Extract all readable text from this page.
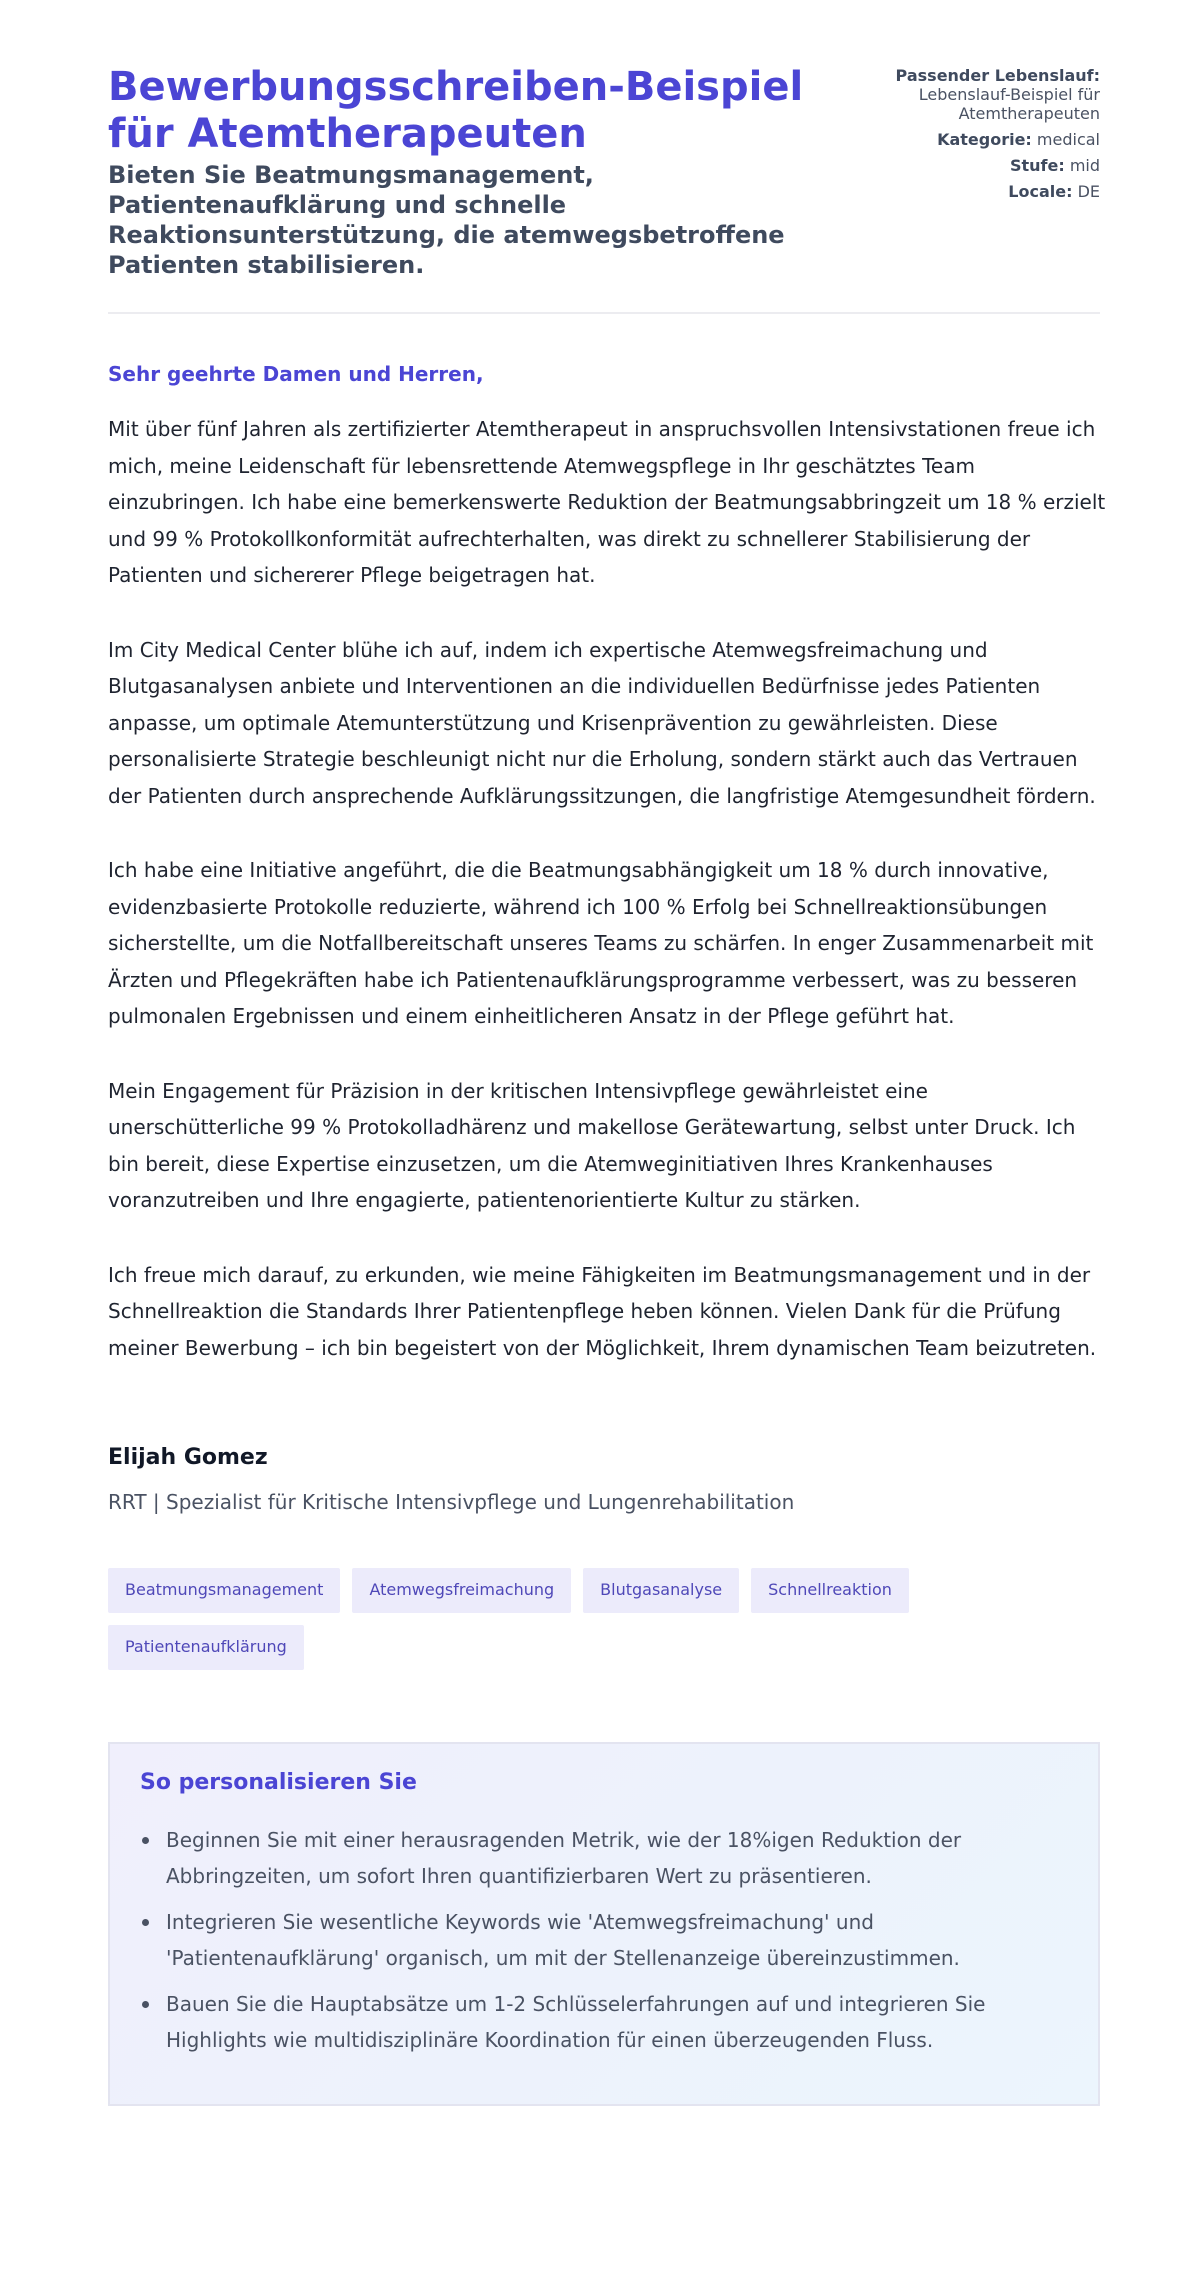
Bewerbungsschreiben-Beispiel für Atemtherapeuten
Bieten Sie Beatmungsmanagement, Patientenaufklärung und schnelle Reaktionsunterstützung, die atemwegsbetroffene Patienten stabilisieren.
Passender Lebenslauf:
Lebenslauf-Beispiel für Atemtherapeuten
Kategorie: medical
Stufe: mid
Locale: DE

Sehr geehrte Damen und Herren,

Mit über fünf Jahren als zertifizierter Atemtherapeut in anspruchsvollen Intensivstationen freue ich mich, meine Leidenschaft für lebensrettende Atemwegspflege in Ihr geschätztes Team einzubringen. Ich habe eine bemerkenswerte Reduktion der Beatmungsabbringzeit um 18 % erzielt und 99 % Protokollkonformität aufrechterhalten, was direkt zu schnellerer Stabilisierung der Patienten und sichererer Pflege beigetragen hat.

Im City Medical Center blühe ich auf, indem ich expertische Atemwegsfreimachung und Blutgasanalysen anbiete und Interventionen an die individuellen Bedürfnisse jedes Patienten anpasse, um optimale Atemunterstützung und Krisenprävention zu gewährleisten. Diese personalisierte Strategie beschleunigt nicht nur die Erholung, sondern stärkt auch das Vertrauen der Patienten durch ansprechende Aufklärungssitzungen, die langfristige Atemgesundheit fördern.

Ich habe eine Initiative angeführt, die die Beatmungsabhängigkeit um 18 % durch innovative, evidenzbasierte Protokolle reduzierte, während ich 100 % Erfolg bei Schnellreaktionsübungen sicherstellte, um die Notfallbereitschaft unseres Teams zu schärfen. In enger Zusammenarbeit mit Ärzten und Pflegekräften habe ich Patientenaufklärungsprogramme verbessert, was zu besseren pulmonalen Ergebnissen und einem einheitlicheren Ansatz in der Pflege geführt hat.

Mein Engagement für Präzision in der kritischen Intensivpflege gewährleistet eine unerschütterliche 99 % Protokolladhärenz und makellose Gerätewartung, selbst unter Druck. Ich bin bereit, diese Expertise einzusetzen, um die Atemweginitiativen Ihres Krankenhauses voranzutreiben und Ihre engagierte, patientenorientierte Kultur zu stärken.

Ich freue mich darauf, zu erkunden, wie meine Fähigkeiten im Beatmungsmanagement und in der Schnellreaktion die Standards Ihrer Patientenpflege heben können. Vielen Dank für die Prüfung meiner Bewerbung – ich bin begeistert von der Möglichkeit, Ihrem dynamischen Team beizutreten.

Elijah Gomez
RRT | Spezialist für Kritische Intensivpflege und Lungenrehabilitation
Beatmungsmanagement	Atemwegsfreimachung	Blutgasanalyse	Schnellreaktion
Patientenaufklärung
So personalisieren Sie
Beginnen Sie mit einer herausragenden Metrik, wie der 18%igen Reduktion der Abbringzeiten, um sofort Ihren quantifizierbaren Wert zu präsentieren.
Integrieren Sie wesentliche Keywords wie 'Atemwegsfreimachung' und 'Patientenaufklärung' organisch, um mit der Stellenanzeige übereinzustimmen.
Bauen Sie die Hauptabsätze um 1-2 Schlüsselerfahrungen auf und integrieren Sie Highlights wie multidisziplinäre Koordination für einen überzeugenden Fluss.
